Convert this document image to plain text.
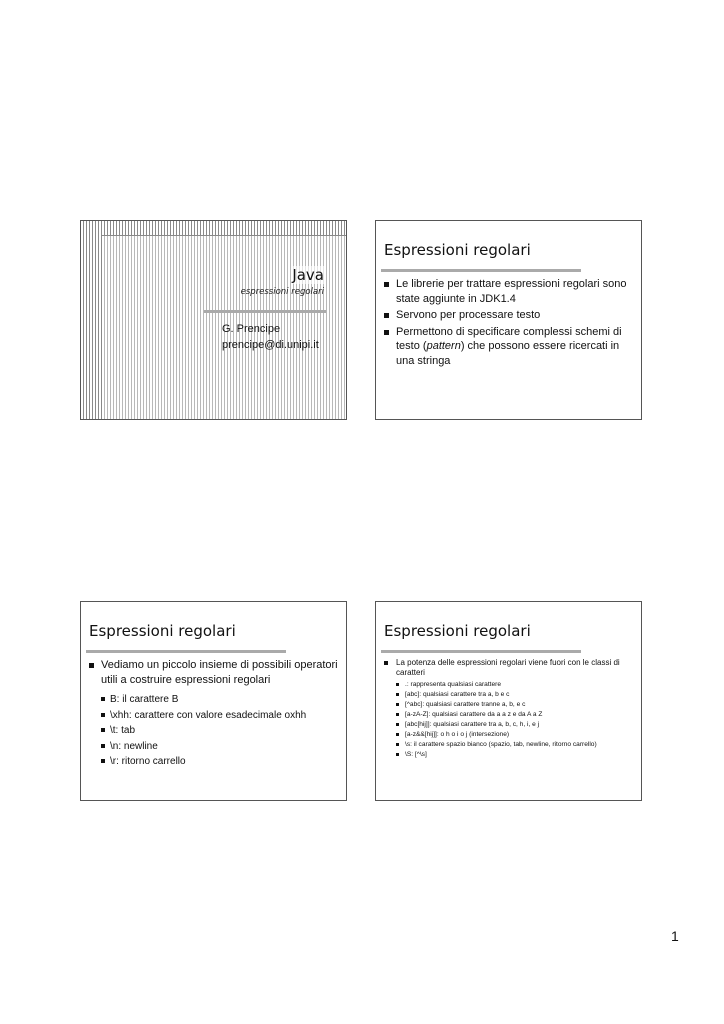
Java
espressioni regolari
G. Prencipe
prencipe@di.unipi.it
Espressioni regolari
Le librerie per trattare espressioni regolari sono state aggiunte in JDK1.4
Servono per processare testo
Permettono di specificare complessi schemi di testo (pattern) che possono essere ricercati in una stringa
Espressioni regolari
Vediamo un piccolo insieme di possibili operatori utili a costruire espressioni regolari
B: il carattere B
\xhh: carattere con valore esadecimale oxhh
\t: tab
\n: newline
\r: ritorno carrello
Espressioni regolari
La potenza delle espressioni regolari viene fuori con le classi di caratteri
.: rappresenta qualsiasi carattere
[abc]: qualsiasi carattere tra a, b e c
[^abc]: qualsiasi carattere tranne a, b, e c
[a-zA-Z]: qualsiasi carattere da a a z e da A a Z
[abc[hij]]: qualsiasi carattere tra a, b, c, h, i, e j
[a-z&&[hij]]: o h o i o j (intersezione)
\s: il carattere spazio bianco (spazio, tab, newline, ritorno carrello)
\S: [^\s]
1
